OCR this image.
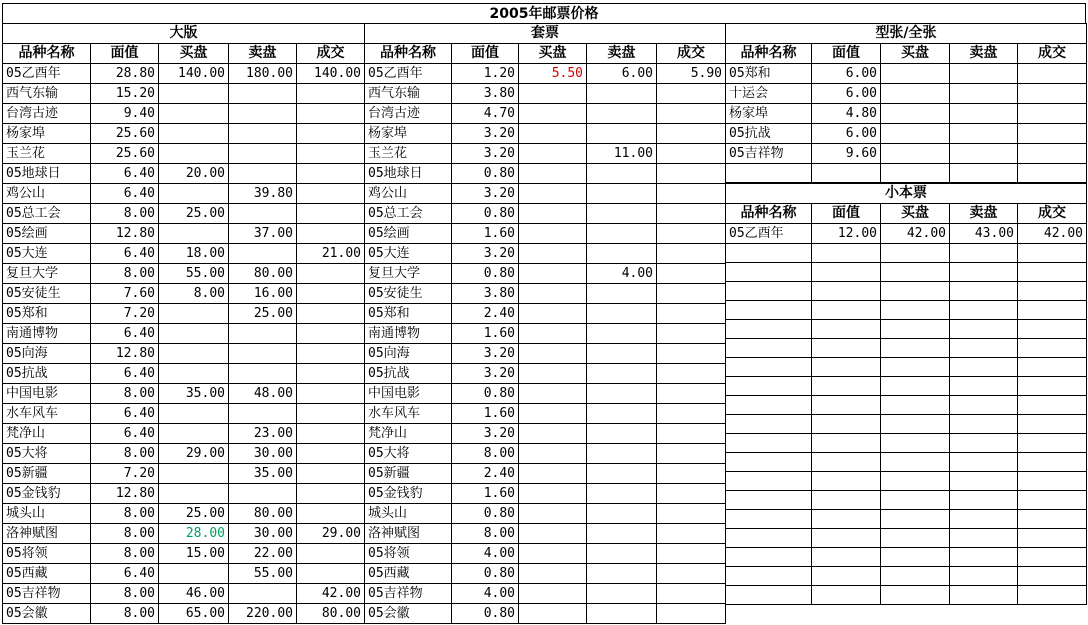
2005年邮票价格
大版				
品种名称	面值	买盘	卖盘	成交
05乙酉年	28.80	140.00	180.00	140.00
西气东输	15.20			
台湾古迹	9.40			
杨家埠	25.60			
玉兰花	25.60			
05地球日	6.40	20.00		
鸡公山	6.40		39.80	
05总工会	8.00	25.00		
05绘画	12.80		37.00	
05大连	6.40	18.00		21.00
复旦大学	8.00	55.00	80.00	
05安徒生	7.60	8.00	16.00	
05郑和	7.20		25.00	
南通博物	6.40			
05向海	12.80			
05抗战	6.40			
中国电影	8.00	35.00	48.00	
水车风车	6.40			
梵净山	6.40		23.00	
05大将	8.00	29.00	30.00	
05新疆	7.20		35.00	
05金钱豹	12.80			
城头山	8.00	25.00	80.00	
洛神赋图	8.00	28.00	30.00	29.00
05将领	8.00	15.00	22.00	
05西藏	6.40		55.00	
05吉祥物	8.00	46.00		42.00
05会徽	8.00	65.00	220.00	80.00
套票				
品种名称	面值	买盘	卖盘	成交
05乙酉年	1.20	5.50	6.00	5.90
西气东输	3.80			
台湾古迹	4.70			
杨家埠	3.20			
玉兰花	3.20		11.00	
05地球日	0.80			
鸡公山	3.20			
05总工会	0.80			
05绘画	1.60			
05大连	3.20			
复旦大学	0.80		4.00	
05安徒生	3.80			
05郑和	2.40			
南通博物	1.60			
05向海	3.20			
05抗战	3.20			
中国电影	0.80			
水车风车	1.60			
梵净山	3.20			
05大将	8.00			
05新疆	2.40			
05金钱豹	1.60			
城头山	0.80			
洛神赋图	8.00			
05将领	4.00			
05西藏	0.80			
05吉祥物	4.00			
05会徽	0.80			
型张/全张				
品种名称	面值	买盘	卖盘	成交
05郑和	6.00			
十运会	6.00			
杨家埠	4.80			
05抗战	6.00			
05吉祥物	9.60			

小本票				
品种名称	面值	买盘	卖盘	成交
05乙酉年	12.00	42.00	43.00	42.00
